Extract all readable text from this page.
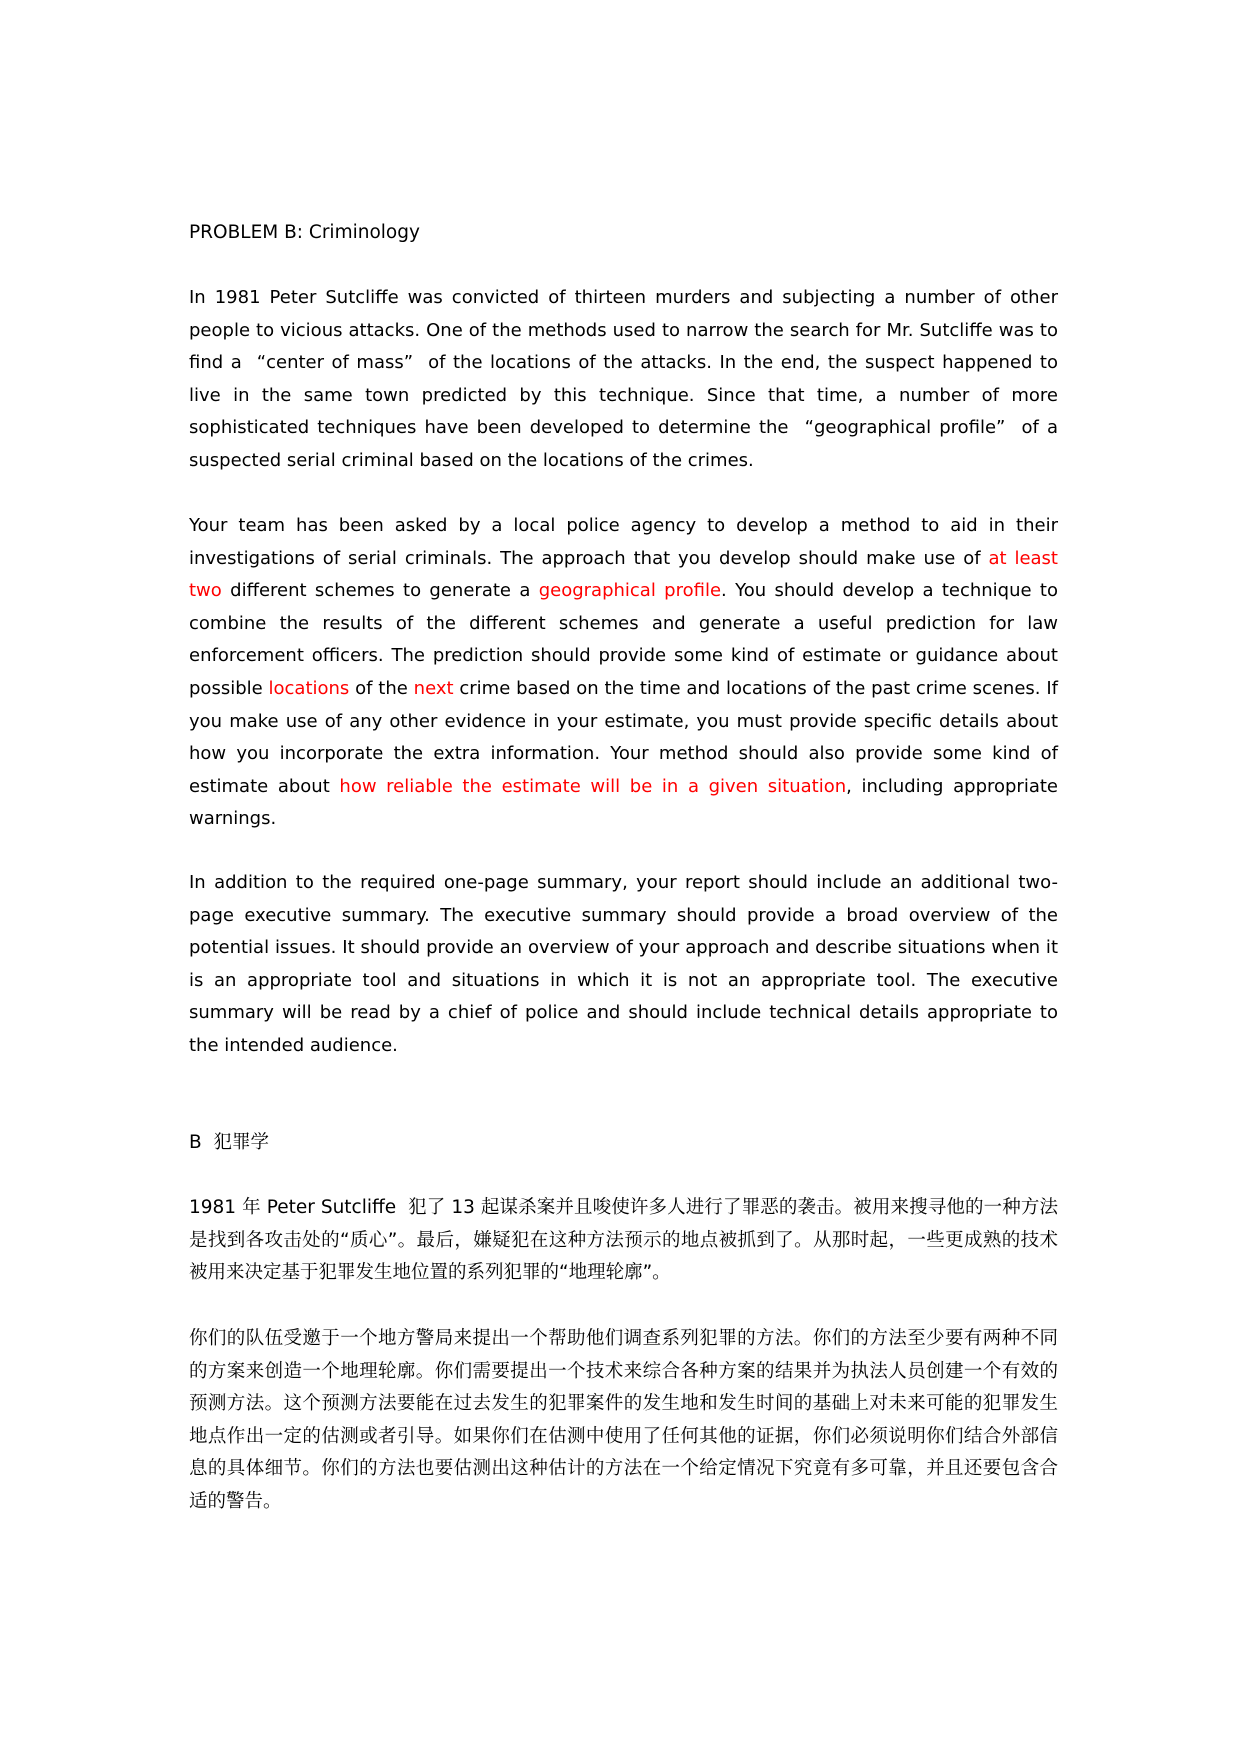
PROBLEM B: Criminology

In 1981 Peter Sutcliffe was convicted of thirteen murders and subjecting a number of other people to vicious attacks. One of the methods used to narrow the search for Mr. Sutcliffe was to find a  “center of mass”  of the locations of the attacks. In the end, the suspect happened to live in the same town predicted by this technique. Since that time, a number of more sophisticated techniques have been developed to determine the  “geographical profile”  of a suspected serial criminal based on the locations of the crimes.

Your team has been asked by a local police agency to develop a method to aid in their investigations of serial criminals. The approach that you develop should make use of at least two different schemes to generate a geographical profile. You should develop a technique to combine the results of the different schemes and generate a useful prediction for law enforcement officers. The prediction should provide some kind of estimate or guidance about possible locations of the next crime based on the time and locations of the past crime scenes. If you make use of any other evidence in your estimate, you must provide specific details about how you incorporate the extra information. Your method should also provide some kind of estimate about how reliable the estimate will be in a given situation, including appropriate warnings.

In addition to the required one-page summary, your report should include an additional two-page executive summary. The executive summary should provide a broad overview of the potential issues. It should provide an overview of your approach and describe situations when it is an appropriate tool and situations in which it is not an appropriate tool. The executive summary will be read by a chief of police and should include technical details appropriate to the intended audience.

B  犯罪学

1981 年 Peter Sutcliffe  犯了 13 起谋杀案并且唆使许多人进行了罪恶的袭击。被用来搜寻他的一种方法是找到各攻击处的“质心”。最后，嫌疑犯在这种方法预示的地点被抓到了。从那时起，一些更成熟的技术被用来决定基于犯罪发生地位置的系列犯罪的“地理轮廓”。

你们的队伍受邀于一个地方警局来提出一个帮助他们调查系列犯罪的方法。你们的方法至少要有两种不同的方案来创造一个地理轮廓。你们需要提出一个技术来综合各种方案的结果并为执法人员创建一个有效的预测方法。这个预测方法要能在过去发生的犯罪案件的发生地和发生时间的基础上对未来可能的犯罪发生地点作出一定的估测或者引导。如果你们在估测中使用了任何其他的证据，你们必须说明你们结合外部信息的具体细节。你们的方法也要估测出这种估计的方法在一个给定情况下究竟有多可靠，并且还要包含合适的警告。
